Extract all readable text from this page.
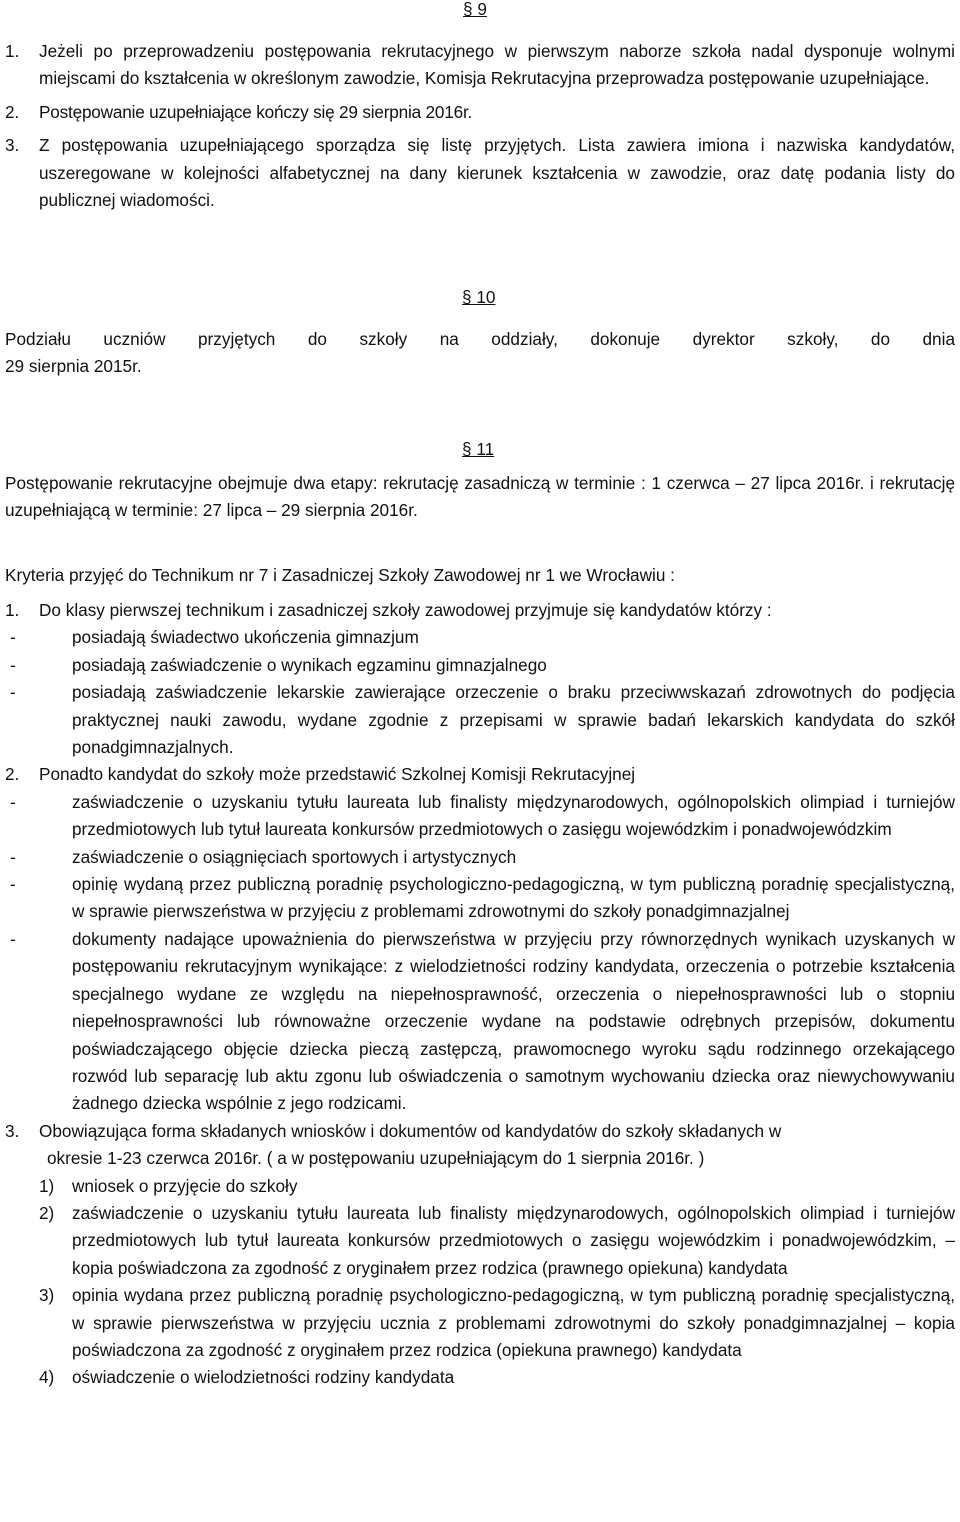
§ 9
1. Jeżeli po przeprowadzeniu postępowania rekrutacyjnego w pierwszym naborze szkoła nadal dysponuje wolnymi miejscami do kształcenia w określonym zawodzie, Komisja Rekrutacyjna przeprowadza postępowanie uzupełniające.
2. Postępowanie uzupełniające kończy się 29 sierpnia 2016r.
3. Z postępowania uzupełniającego sporządza się listę przyjętych. Lista zawiera imiona i nazwiska kandydatów, uszeregowane w kolejności alfabetycznej na dany kierunek kształcenia w zawodzie, oraz datę podania listy do publicznej wiadomości.
§ 10
Podziału uczniów przyjętych do szkoły na oddziały, dokonuje dyrektor szkoły, do dnia
29 sierpnia 2015r.
§ 11
Postępowanie rekrutacyjne obejmuje dwa etapy: rekrutację zasadniczą w terminie : 1 czerwca – 27 lipca 2016r. i rekrutację uzupełniającą w terminie: 27 lipca – 29 sierpnia 2016r.
Kryteria przyjęć do Technikum nr 7 i Zasadniczej Szkoły Zawodowej nr 1 we Wrocławiu :
1. Do klasy pierwszej technikum i zasadniczej szkoły zawodowej przyjmuje się kandydatów którzy :
-	posiadają świadectwo ukończenia gimnazjum
-	posiadają zaświadczenie o wynikach egzaminu gimnazjalnego
-	posiadają zaświadczenie lekarskie zawierające orzeczenie o braku przeciwwskazań zdrowotnych do podjęcia praktycznej nauki zawodu, wydane zgodnie z przepisami w sprawie badań lekarskich kandydata do szkół ponadgimnazjalnych.
2. Ponadto kandydat do szkoły może przedstawić Szkolnej Komisji Rekrutacyjnej
-	zaświadczenie o uzyskaniu tytułu laureata lub finalisty międzynarodowych, ogólnopolskich olimpiad i turniejów przedmiotowych lub tytuł laureata konkursów przedmiotowych o zasięgu wojewódzkim i ponadwojewódzkim
-	zaświadczenie o osiągnięciach sportowych i artystycznych
-	opinię wydaną przez publiczną poradnię psychologiczno-pedagogiczną, w tym publiczną poradnię specjalistyczną, w sprawie pierwszeństwa w przyjęciu z problemami zdrowotnymi do szkoły ponadgimnazjalnej
-	dokumenty nadające upoważnienia do pierwszeństwa w przyjęciu przy równorzędnych wynikach uzyskanych w postępowaniu rekrutacyjnym wynikające: z wielodzietności rodziny kandydata, orzeczenia o potrzebie kształcenia specjalnego wydane ze względu na niepełnosprawność, orzeczenia o niepełnosprawności lub o stopniu niepełnosprawności lub równoważne orzeczenie wydane na podstawie odrębnych przepisów, dokumentu poświadczającego objęcie dziecka pieczą zastępczą, prawomocnego wyroku sądu rodzinnego orzekającego rozwód lub separację lub aktu zgonu lub oświadczenia o samotnym wychowaniu dziecka oraz niewychowywaniu żadnego dziecka wspólnie z jego rodzicami.
3. Obowiązująca forma składanych wniosków i dokumentów od kandydatów do szkoły składanych w
okresie 1-23 czerwca 2016r. ( a w postępowaniu uzupełniającym do 1 sierpnia 2016r. )
1) wniosek o przyjęcie do szkoły
2) zaświadczenie o uzyskaniu tytułu laureata lub finalisty międzynarodowych, ogólnopolskich olimpiad i turniejów przedmiotowych lub tytuł laureata konkursów przedmiotowych o zasięgu wojewódzkim i ponadwojewódzkim, – kopia poświadczona za zgodność z oryginałem przez rodzica (prawnego opiekuna) kandydata
3) opinia wydana przez publiczną poradnię psychologiczno-pedagogiczną, w tym publiczną poradnię specjalistyczną, w sprawie pierwszeństwa w przyjęciu ucznia z problemami zdrowotnymi do szkoły ponadgimnazjalnej – kopia poświadczona za zgodność z oryginałem przez rodzica (opiekuna prawnego) kandydata
4) oświadczenie o wielodzietności rodziny kandydata
